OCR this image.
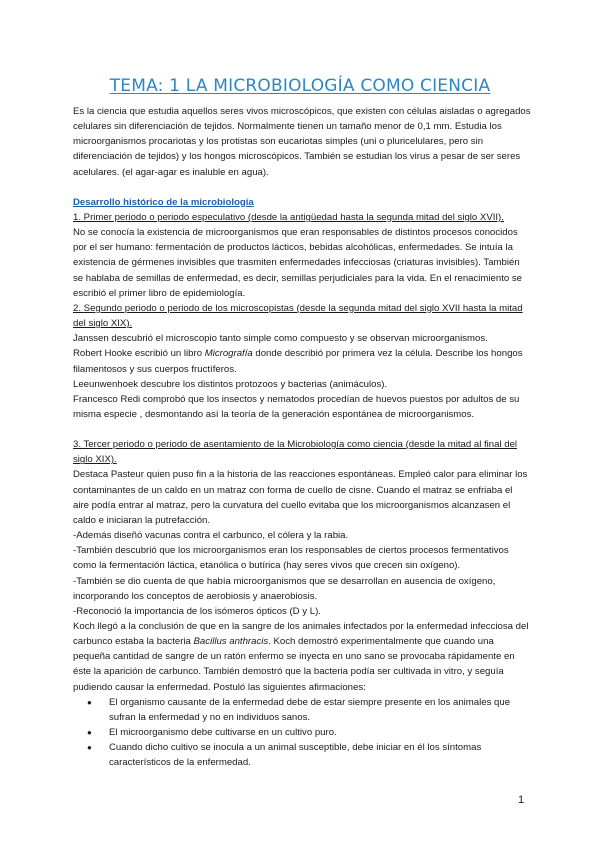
TEMA: 1 LA MICROBIOLOGÍA COMO CIENCIA

Es la ciencia que estudia aquellos seres vivos microscópicos, que existen con células aisladas o agregados celulares sin diferenciación de tejidos. Normalmente tienen un tamaño menor de 0,1 mm. Estudia los microorganismos procariotas y los protistas son eucariotas simples (uni o pluricelulares, pero sin diferenciación de tejidos) y los hongos microscópicos. También se estudian los virus a pesar de ser seres acelulares. (el agar-agar es inaluble en agua).

Desarrollo histórico de la microbiología

1. Primer periodo o periodo especulativo (desde la antigüedad hasta la segunda mitad del siglo XVII).

No se conocía la existencia de microorganismos que eran responsables de distintos procesos conocidos por el ser humano: fermentación de productos lácticos, bebidas alcohólicas, enfermedades. Se intuía la existencia de gérmenes invisibles que trasmiten enfermedades infecciosas (criaturas invisibles). También se hablaba de semillas de enfermedad, es decir, semillas perjudiciales para la vida. En el renacimiento se escribió el primer libro de epidemiología.

2. Segundo periodo o periodo de los microscopistas (desde la segunda mitad del siglo XVII hasta la mitad del siglo XIX).

Janssen descubrió el microscopio tanto simple como compuesto y se observan microorganismos.

Robert Hooke escribió un libro Micrografía donde describió por primera vez la célula. Describe los hongos filamentosos y sus cuerpos fructíferos.

Leeunwenhoek descubre los distintos protozoos y bacterias (animáculos).

Francesco Redi comprobó que los insectos y nematodos procedían de huevos puestos por adultos de su misma especie , desmontando así la teoría de la generación espontánea de microorganismos.

3. Tercer periodo o periodo de asentamiento de la Microbiología como ciencia (desde la mitad al final del siglo XIX).

Destaca Pasteur quien puso fin a la historia de las reacciones espontáneas. Empleó calor para eliminar los contaminantes de un caldo en un matraz con forma de cuello de cisne. Cuando el matraz se enfriaba el aire podía entrar al matraz, pero la curvatura del cuello evitaba que los microorganismos alcanzasen el caldo e iniciaran la putrefacción.

-Además diseñó vacunas contra el carbunco, el cólera y la rabia.

-También descubrió que los microorganismos eran los responsables de ciertos procesos fermentativos como la fermentación láctica, etanólica o butírica (hay seres vivos que crecen sin oxígeno).

-También se dio cuenta de que había microorganismos que se desarrollan en ausencia de oxígeno, incorporando los conceptos de aerobiosis y anaerobiosis.

-Reconoció la importancia de los isómeros ópticos (D y L).

Koch llegó a la conclusión de que en la sangre de los animales infectados por la enfermedad infecciosa del carbunco estaba la bacteria Bacillus anthracis. Koch demostró experimentalmente que cuando una pequeña cantidad de sangre de un ratón enfermo se inyecta en uno sano se provocaba rápidamente en éste la aparición de carbunco. También demostró que la bacteria podía ser cultivada in vitro, y seguía pudiendo causar la enfermedad. Postuló las siguientes afirmaciones:

● El organismo causante de la enfermedad debe de estar siempre presente en los animales que sufran la enfermedad y no en individuos sanos.
● El microorganismo debe cultivarse en un cultivo puro.
● Cuando dicho cultivo se inocula a un animal susceptible, debe iniciar en él los síntomas característicos de la enfermedad.
1
